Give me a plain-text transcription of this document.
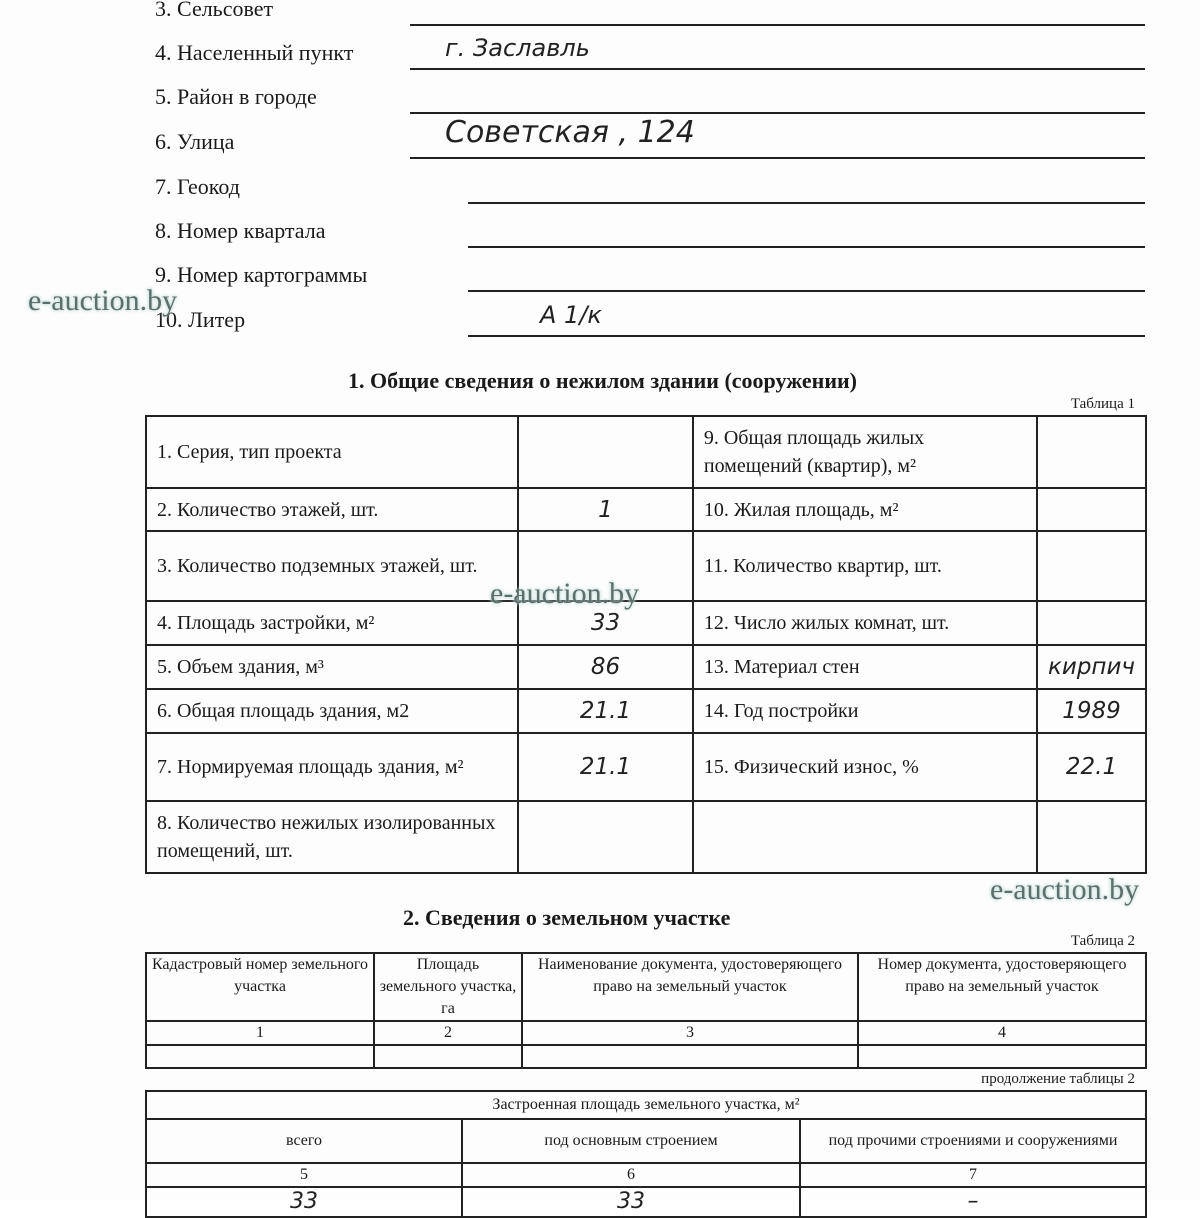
3. Сельсовет
4. Населенный пункт	г. Заславль
5. Район в городе
6. Улица	Советская , 124
7. Геокод
8. Номер квартала
9. Номер картограммы
10. Литер	А 1/к
1. Общие сведения о нежилом здании (сооружении)
Таблица 1
1. Серия, тип проекта		9. Общая площадь жилых помещений (квартир), м²	
2. Количество этажей, шт.	1	10. Жилая площадь, м²	
3. Количество подземных этажей, шт.		11. Количество квартир, шт.	
4. Площадь застройки, м²	33	12. Число жилых комнат, шт.	
5. Объем здания, м³	86	13. Материал стен	кирпич
6. Общая площадь здания, м2	21.1	14. Год постройки	1989
7. Нормируемая площадь здания, м²	21.1	15. Физический износ, %	22.1
8. Количество нежилых изолированных помещений, шт.			
2. Сведения о земельном участке
Таблица 2
Кадастровый номер земельного участка	Площадь земельного участка, га	Наименование документа, удостоверяющего право на земельный участок	Номер документа, удостоверяющего право на земельный участок
1	2	3	4

продолжение таблицы 2
Застроенная площадь земельного участка, м²		
всего	под основным строением	под прочими строениями и сооружениями
5	6	7
33	33	–
e-auction.by
e-auction.by
e-auction.by
